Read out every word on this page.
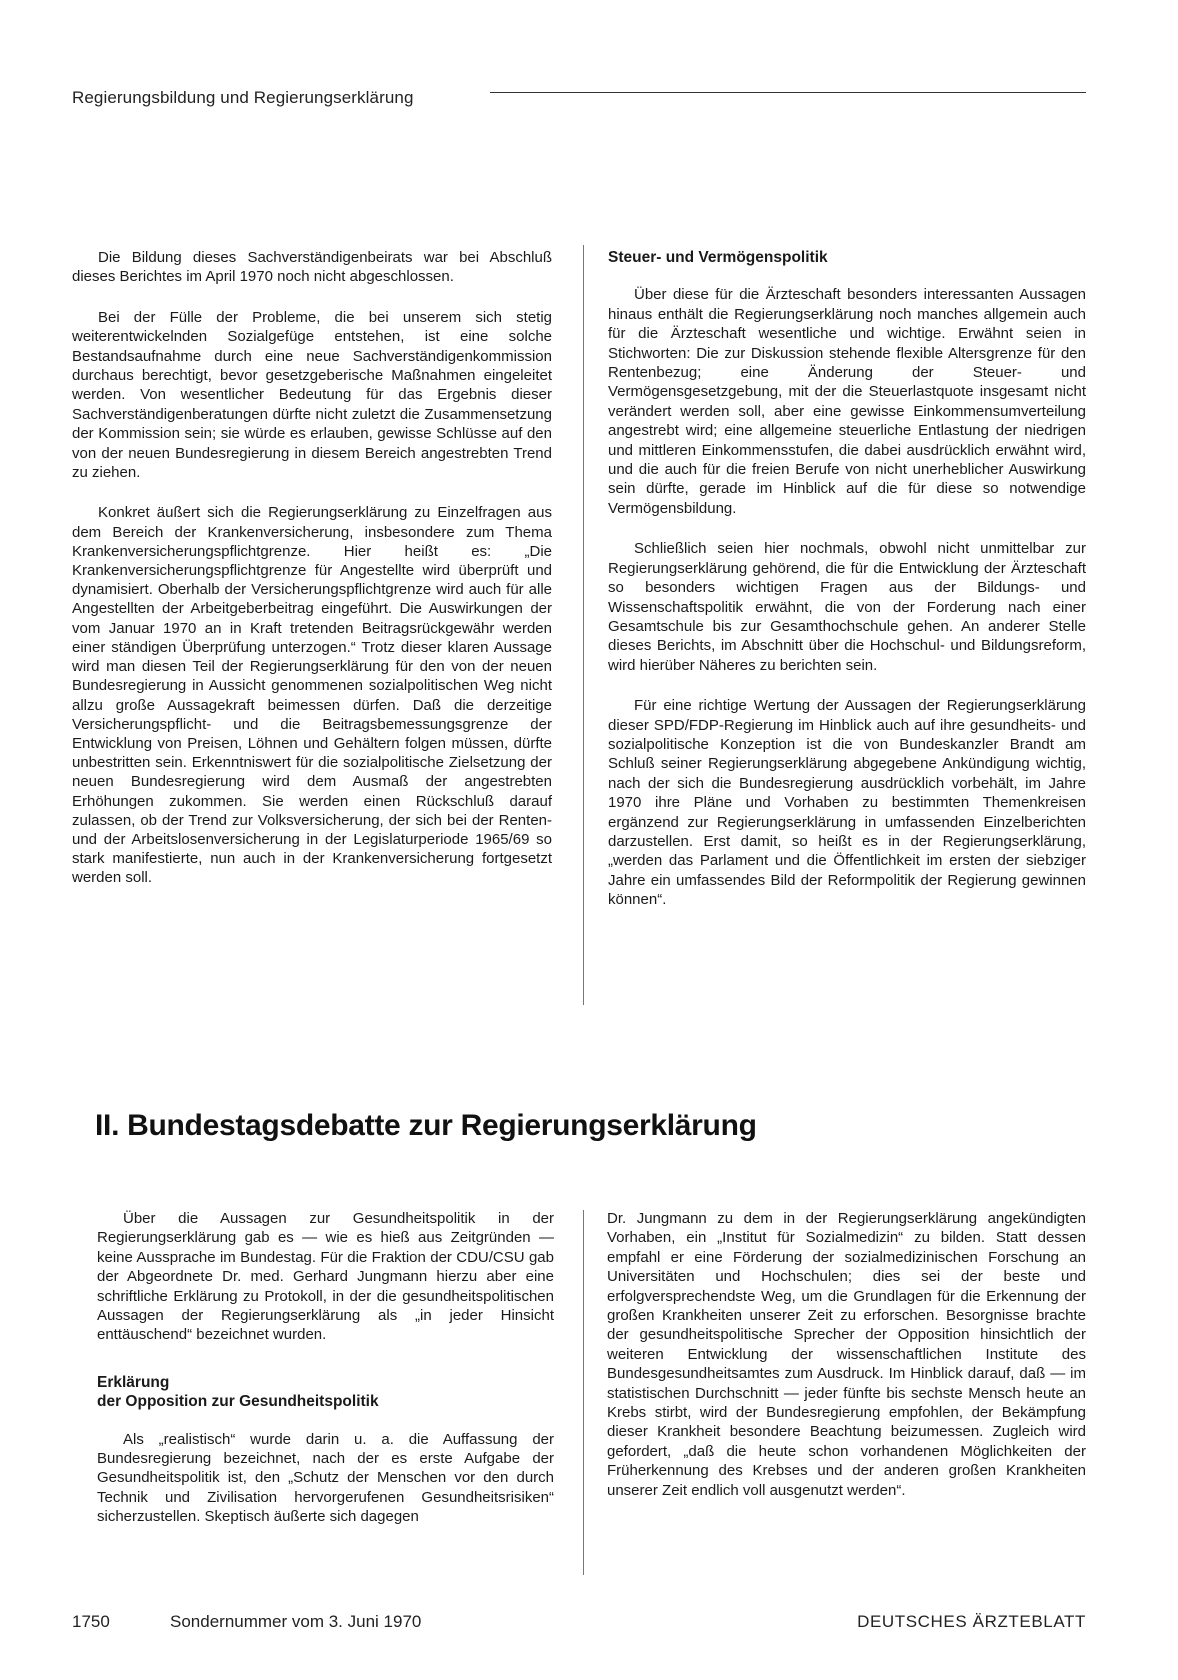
Regierungsbildung und Regierungserklärung

Die Bildung dieses Sachverständigenbeirats war bei Abschluß dieses Berichtes im April 1970 noch nicht abgeschlossen.

Bei der Fülle der Probleme, die bei unserem sich stetig weiterentwickelnden Sozialgefüge entstehen, ist eine solche Bestandsaufnahme durch eine neue Sachverständigenkommission durchaus berechtigt, bevor gesetzgeberische Maßnahmen eingeleitet werden. Von wesentlicher Bedeutung für das Ergebnis dieser Sachverständigenberatungen dürfte nicht zuletzt die Zusammensetzung der Kommission sein; sie würde es erlauben, gewisse Schlüsse auf den von der neuen Bundesregierung in diesem Bereich angestrebten Trend zu ziehen.

Konkret äußert sich die Regierungserklärung zu Einzelfragen aus dem Bereich der Krankenversicherung, insbesondere zum Thema Krankenversicherungspflichtgrenze. Hier heißt es: „Die Krankenversicherungspflichtgrenze für Angestellte wird überprüft und dynamisiert. Oberhalb der Versicherungspflichtgrenze wird auch für alle Angestellten der Arbeitgeberbeitrag eingeführt. Die Auswirkungen der vom Januar 1970 an in Kraft tretenden Beitragsrückgewähr werden einer ständigen Überprüfung unterzogen.“ Trotz dieser klaren Aussage wird man diesen Teil der Regierungserklärung für den von der neuen Bundesregierung in Aussicht genommenen sozialpolitischen Weg nicht allzu große Aussagekraft beimessen dürfen. Daß die derzeitige Versicherungspflicht- und die Beitragsbemessungsgrenze der Entwicklung von Preisen, Löhnen und Gehältern folgen müssen, dürfte unbestritten sein. Erkenntniswert für die sozialpolitische Zielsetzung der neuen Bundesregierung wird dem Ausmaß der angestrebten Erhöhungen zukommen. Sie werden einen Rückschluß darauf zulassen, ob der Trend zur Volksversicherung, der sich bei der Renten- und der Arbeitslosenversicherung in der Legislaturperiode 1965/69 so stark manifestierte, nun auch in der Krankenversicherung fortgesetzt werden soll.

Steuer- und Vermögenspolitik

Über diese für die Ärzteschaft besonders interessanten Aussagen hinaus enthält die Regierungserklärung noch manches allgemein auch für die Ärzteschaft wesentliche und wichtige. Erwähnt seien in Stichworten: Die zur Diskussion stehende flexible Altersgrenze für den Rentenbezug; eine Änderung der Steuer- und Vermögensgesetzgebung, mit der die Steuerlastquote insgesamt nicht verändert werden soll, aber eine gewisse Einkommensumverteilung angestrebt wird; eine allgemeine steuerliche Entlastung der niedrigen und mittleren Einkommensstufen, die dabei ausdrücklich erwähnt wird, und die auch für die freien Berufe von nicht unerheblicher Auswirkung sein dürfte, gerade im Hinblick auf die für diese so notwendige Vermögensbildung.

Schließlich seien hier nochmals, obwohl nicht unmittelbar zur Regierungserklärung gehörend, die für die Entwicklung der Ärzteschaft so besonders wichtigen Fragen aus der Bildungs- und Wissenschaftspolitik erwähnt, die von der Forderung nach einer Gesamtschule bis zur Gesamthochschule gehen. An anderer Stelle dieses Berichts, im Abschnitt über die Hochschul- und Bildungsreform, wird hierüber Näheres zu berichten sein.

Für eine richtige Wertung der Aussagen der Regierungserklärung dieser SPD/FDP-Regierung im Hinblick auch auf ihre gesundheits- und sozialpolitische Konzeption ist die von Bundeskanzler Brandt am Schluß seiner Regierungserklärung abgegebene Ankündigung wichtig, nach der sich die Bundesregierung ausdrücklich vorbehält, im Jahre 1970 ihre Pläne und Vorhaben zu bestimmten Themenkreisen ergänzend zur Regierungserklärung in umfassenden Einzelberichten darzustellen. Erst damit, so heißt es in der Regierungserklärung, „werden das Parlament und die Öffentlichkeit im ersten der siebziger Jahre ein umfassendes Bild der Reformpolitik der Regierung gewinnen können“.

II. Bundestagsdebatte zur Regierungserklärung

Über die Aussagen zur Gesundheitspolitik in der Regierungserklärung gab es — wie es hieß aus Zeitgründen — keine Aussprache im Bundestag. Für die Fraktion der CDU/CSU gab der Abgeordnete Dr. med. Gerhard Jungmann hierzu aber eine schriftliche Erklärung zu Protokoll, in der die gesundheitspolitischen Aussagen der Regierungserklärung als „in jeder Hinsicht enttäuschend“ bezeichnet wurden.

Erklärung
der Opposition zur Gesundheitspolitik

Als „realistisch“ wurde darin u. a. die Auffassung der Bundesregierung bezeichnet, nach der es erste Aufgabe der Gesundheitspolitik ist, den „Schutz der Menschen vor den durch Technik und Zivilisation hervorgerufenen Gesundheitsrisiken“ sicherzustellen. Skeptisch äußerte sich dagegen

Dr. Jungmann zu dem in der Regierungserklärung angekündigten Vorhaben, ein „Institut für Sozialmedizin“ zu bilden. Statt dessen empfahl er eine Förderung der sozialmedizinischen Forschung an Universitäten und Hochschulen; dies sei der beste und erfolgversprechendste Weg, um die Grundlagen für die Erkennung der großen Krankheiten unserer Zeit zu erforschen. Besorgnisse brachte der gesundheitspolitische Sprecher der Opposition hinsichtlich der weiteren Entwicklung der wissenschaftlichen Institute des Bundesgesundheitsamtes zum Ausdruck. Im Hinblick darauf, daß — im statistischen Durchschnitt — jeder fünfte bis sechste Mensch heute an Krebs stirbt, wird der Bundesregierung empfohlen, der Bekämpfung dieser Krankheit besondere Beachtung beizumessen. Zugleich wird gefordert, „daß die heute schon vorhandenen Möglichkeiten der Früherkennung des Krebses und der anderen großen Krankheiten unserer Zeit endlich voll ausgenutzt werden“.

1750	Sondernummer vom 3. Juni 1970	DEUTSCHES ÄRZTEBLATT
